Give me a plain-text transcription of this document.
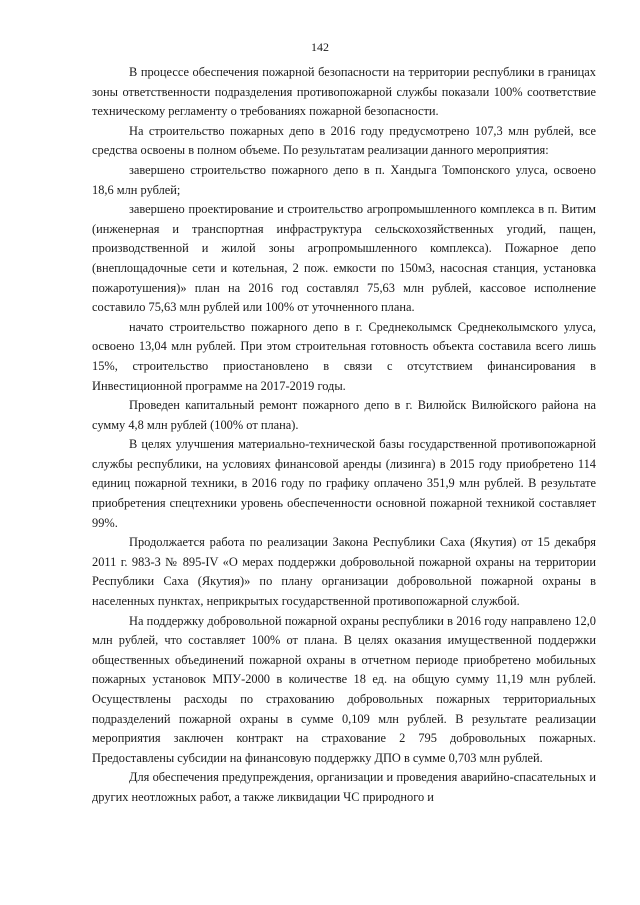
142

В процессе обеспечения пожарной безопасности на территории республики в границах зоны ответственности подразделения противопожарной службы показали 100% соответствие техническому регламенту о требованиях пожарной безопасности.

На строительство пожарных депо в 2016 году предусмотрено 107,3 млн рублей, все средства освоены в полном объеме. По результатам реализации данного мероприятия:

завершено строительство пожарного депо в п. Хандыга Томпонского улуса, освоено 18,6 млн рублей;

завершено проектирование и строительство агропромышленного комплекса в п. Витим (инженерная и транспортная инфраструктура сельскохозяйственных угодий, пащен, производственной и жилой зоны агропромышленного комплекса). Пожарное депо (внеплощадочные сети и котельная, 2 пож. емкости по 150м3, насосная станция, установка пожаротушения)» план на 2016 год составлял 75,63 млн рублей, кассовое исполнение составило 75,63 млн рублей или 100% от уточненного плана.

начато строительство пожарного депо в г. Среднеколымск Среднеколымского улуса, освоено 13,04 млн рублей. При этом строительная готовность объекта составила всего лишь 15%, строительство приостановлено в связи с отсутствием финансирования в Инвестиционной программе на 2017-2019 годы.

Проведен капитальный ремонт пожарного депо в г. Вилюйск Вилюйского района на сумму 4,8 млн рублей (100% от плана).

В целях улучшения материально-технической базы государственной противопожарной службы республики, на условиях финансовой аренды (лизинга) в 2015 году приобретено 114 единиц пожарной техники, в 2016 году по графику оплачено 351,9 млн рублей. В результате приобретения спецтехники уровень обеспеченности основной пожарной техникой составляет 99%.

Продолжается работа по реализации Закона Республики Саха (Якутия) от 15 декабря 2011 г. 983-З № 895-IV «О мерах поддержки добровольной пожарной охраны на территории Республики Саха (Якутия)» по плану организации добровольной пожарной охраны в населенных пунктах, неприкрытых государственной противопожарной службой.

На поддержку добровольной пожарной охраны республики в 2016 году направлено 12,0 млн рублей, что составляет 100% от плана. В целях оказания имущественной поддержки общественных объединений пожарной охраны в отчетном периоде приобретено мобильных пожарных установок МПУ-2000 в количестве 18 ед. на общую сумму 11,19 млн рублей. Осуществлены расходы по страхованию добровольных пожарных территориальных подразделений пожарной охраны в сумме 0,109 млн рублей. В результате реализации мероприятия заключен контракт на страхование 2 795 добровольных пожарных. Предоставлены субсидии на финансовую поддержку ДПО в сумме 0,703 млн рублей.

Для обеспечения предупреждения, организации и проведения аварийно-спасательных и других неотложных работ, а также ликвидации ЧС природного и
